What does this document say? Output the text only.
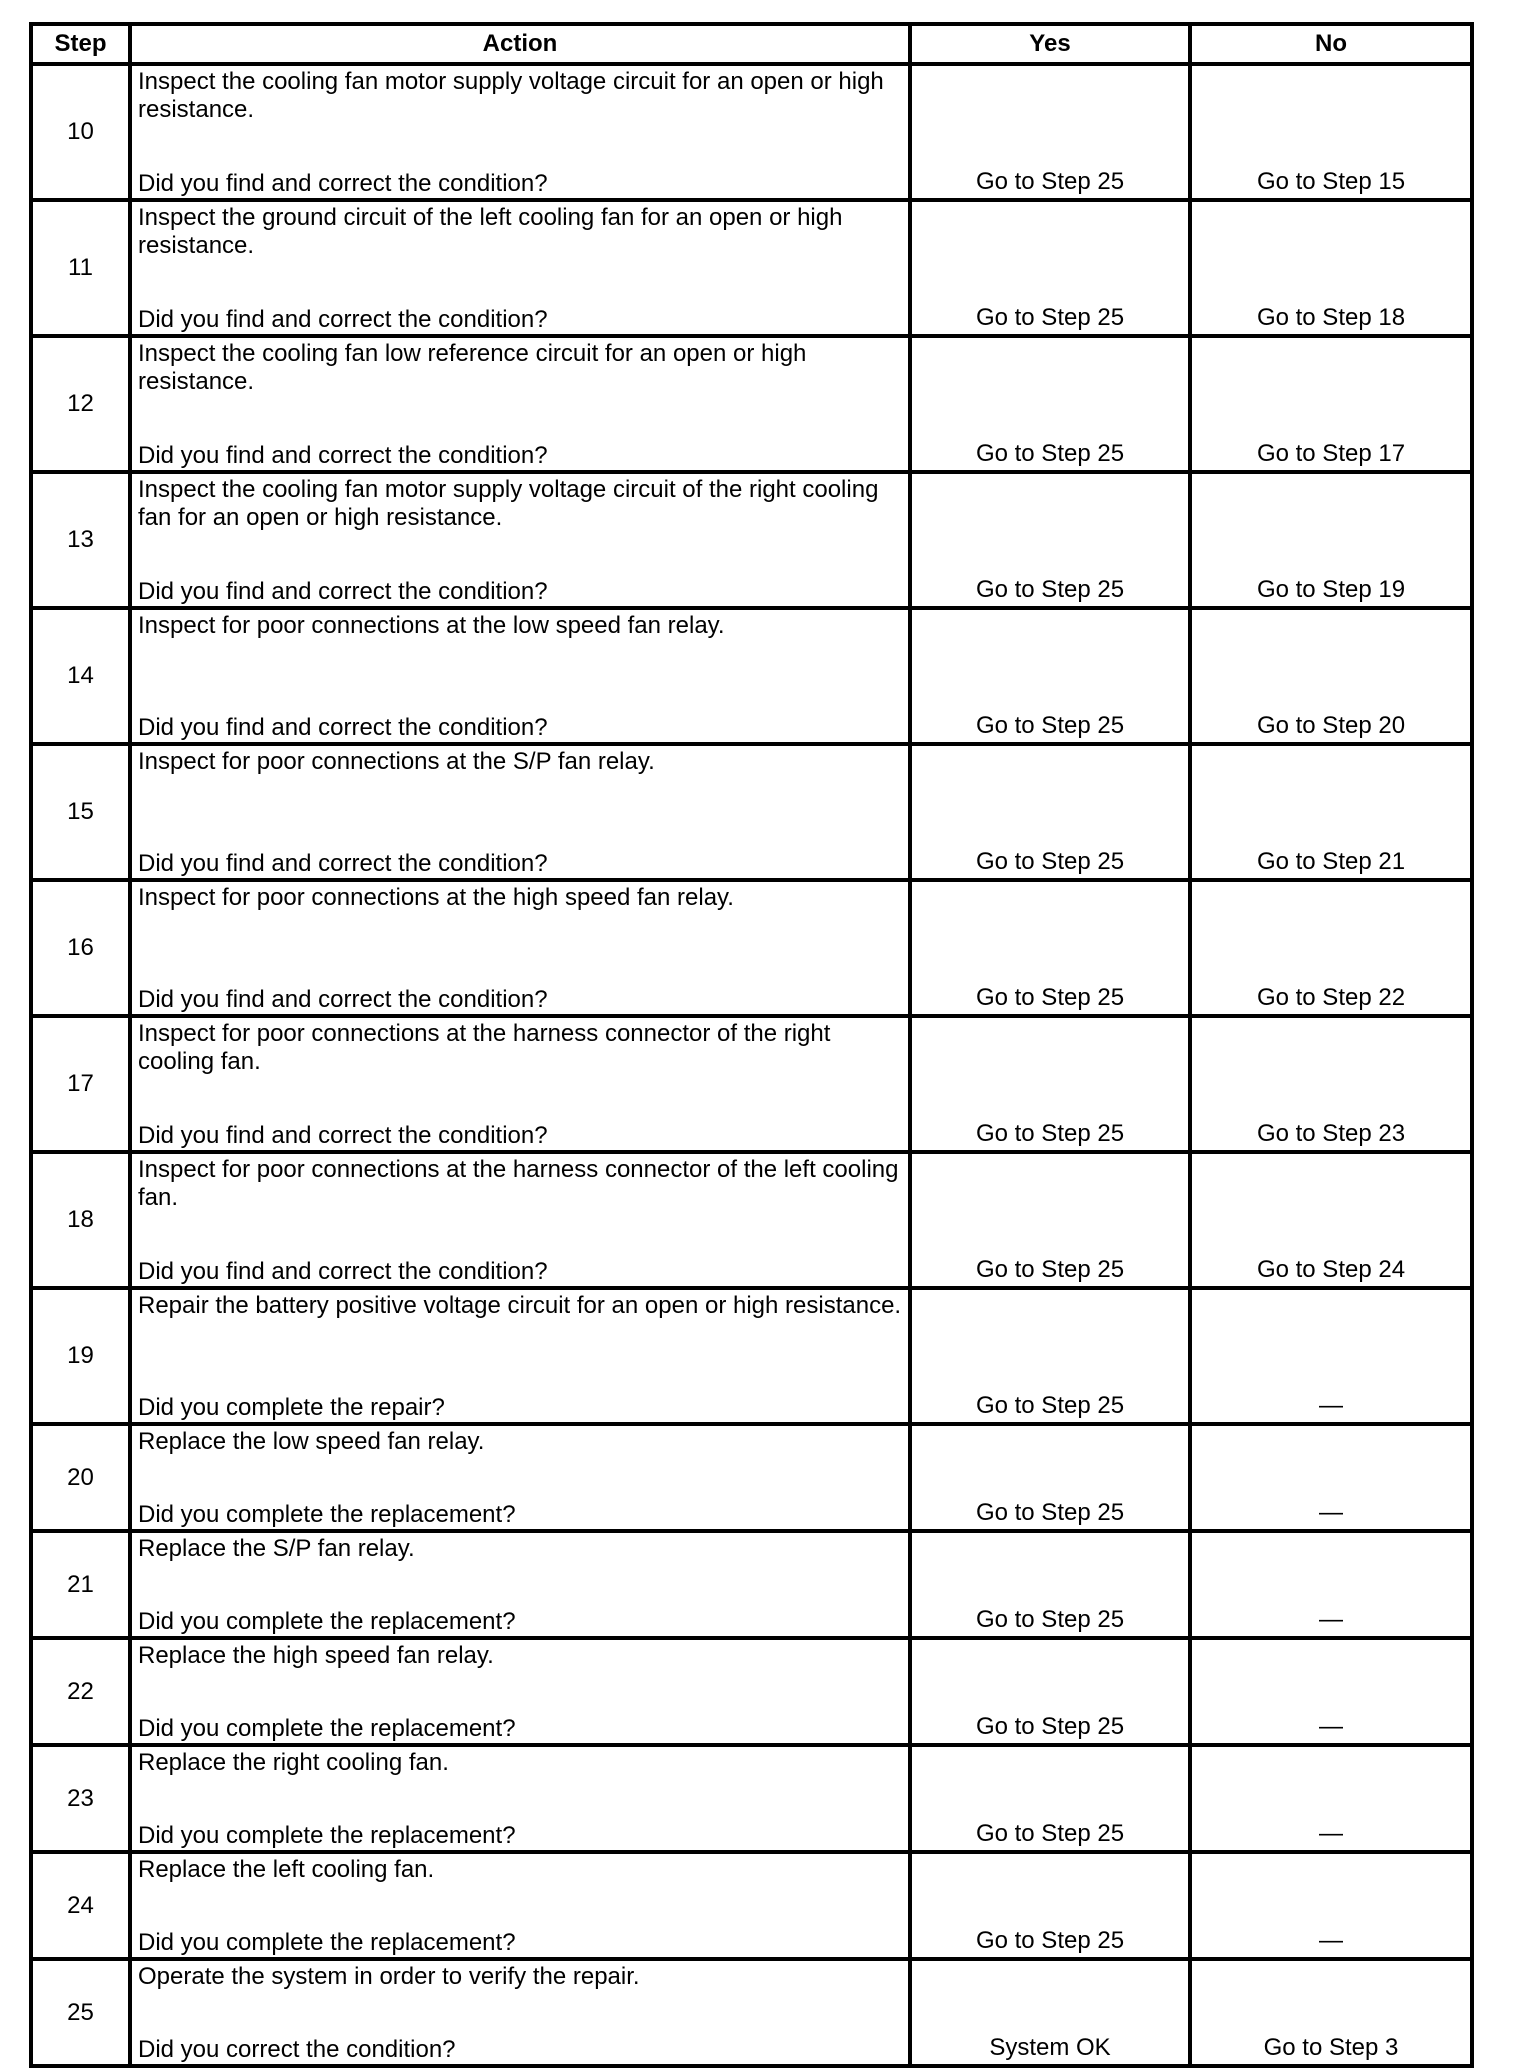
Step	Action	Yes	No
10	Inspect the cooling fan motor supply voltage circuit for an open or high resistance.
Did you find and correct the condition?	Go to Step 25	Go to Step 15
11	Inspect the ground circuit of the left cooling fan for an open or high resistance.
Did you find and correct the condition?	Go to Step 25	Go to Step 18
12	Inspect the cooling fan low reference circuit for an open or high resistance.
Did you find and correct the condition?	Go to Step 25	Go to Step 17
13	Inspect the cooling fan motor supply voltage circuit of the right cooling fan for an open or high resistance.
Did you find and correct the condition?	Go to Step 25	Go to Step 19
14	Inspect for poor connections at the low speed fan relay.
Did you find and correct the condition?	Go to Step 25	Go to Step 20
15	Inspect for poor connections at the S/P fan relay.
Did you find and correct the condition?	Go to Step 25	Go to Step 21
16	Inspect for poor connections at the high speed fan relay.
Did you find and correct the condition?	Go to Step 25	Go to Step 22
17	Inspect for poor connections at the harness connector of the right cooling fan.
Did you find and correct the condition?	Go to Step 25	Go to Step 23
18	Inspect for poor connections at the harness connector of the left cooling fan.
Did you find and correct the condition?	Go to Step 25	Go to Step 24
19	Repair the battery positive voltage circuit for an open or high resistance.
Did you complete the repair?	Go to Step 25	—
20	Replace the low speed fan relay.
Did you complete the replacement?	Go to Step 25	—
21	Replace the S/P fan relay.
Did you complete the replacement?	Go to Step 25	—
22	Replace the high speed fan relay.
Did you complete the replacement?	Go to Step 25	—
23	Replace the right cooling fan.
Did you complete the replacement?	Go to Step 25	—
24	Replace the left cooling fan.
Did you complete the replacement?	Go to Step 25	—
25	Operate the system in order to verify the repair.
Did you correct the condition?	System OK	Go to Step 3
